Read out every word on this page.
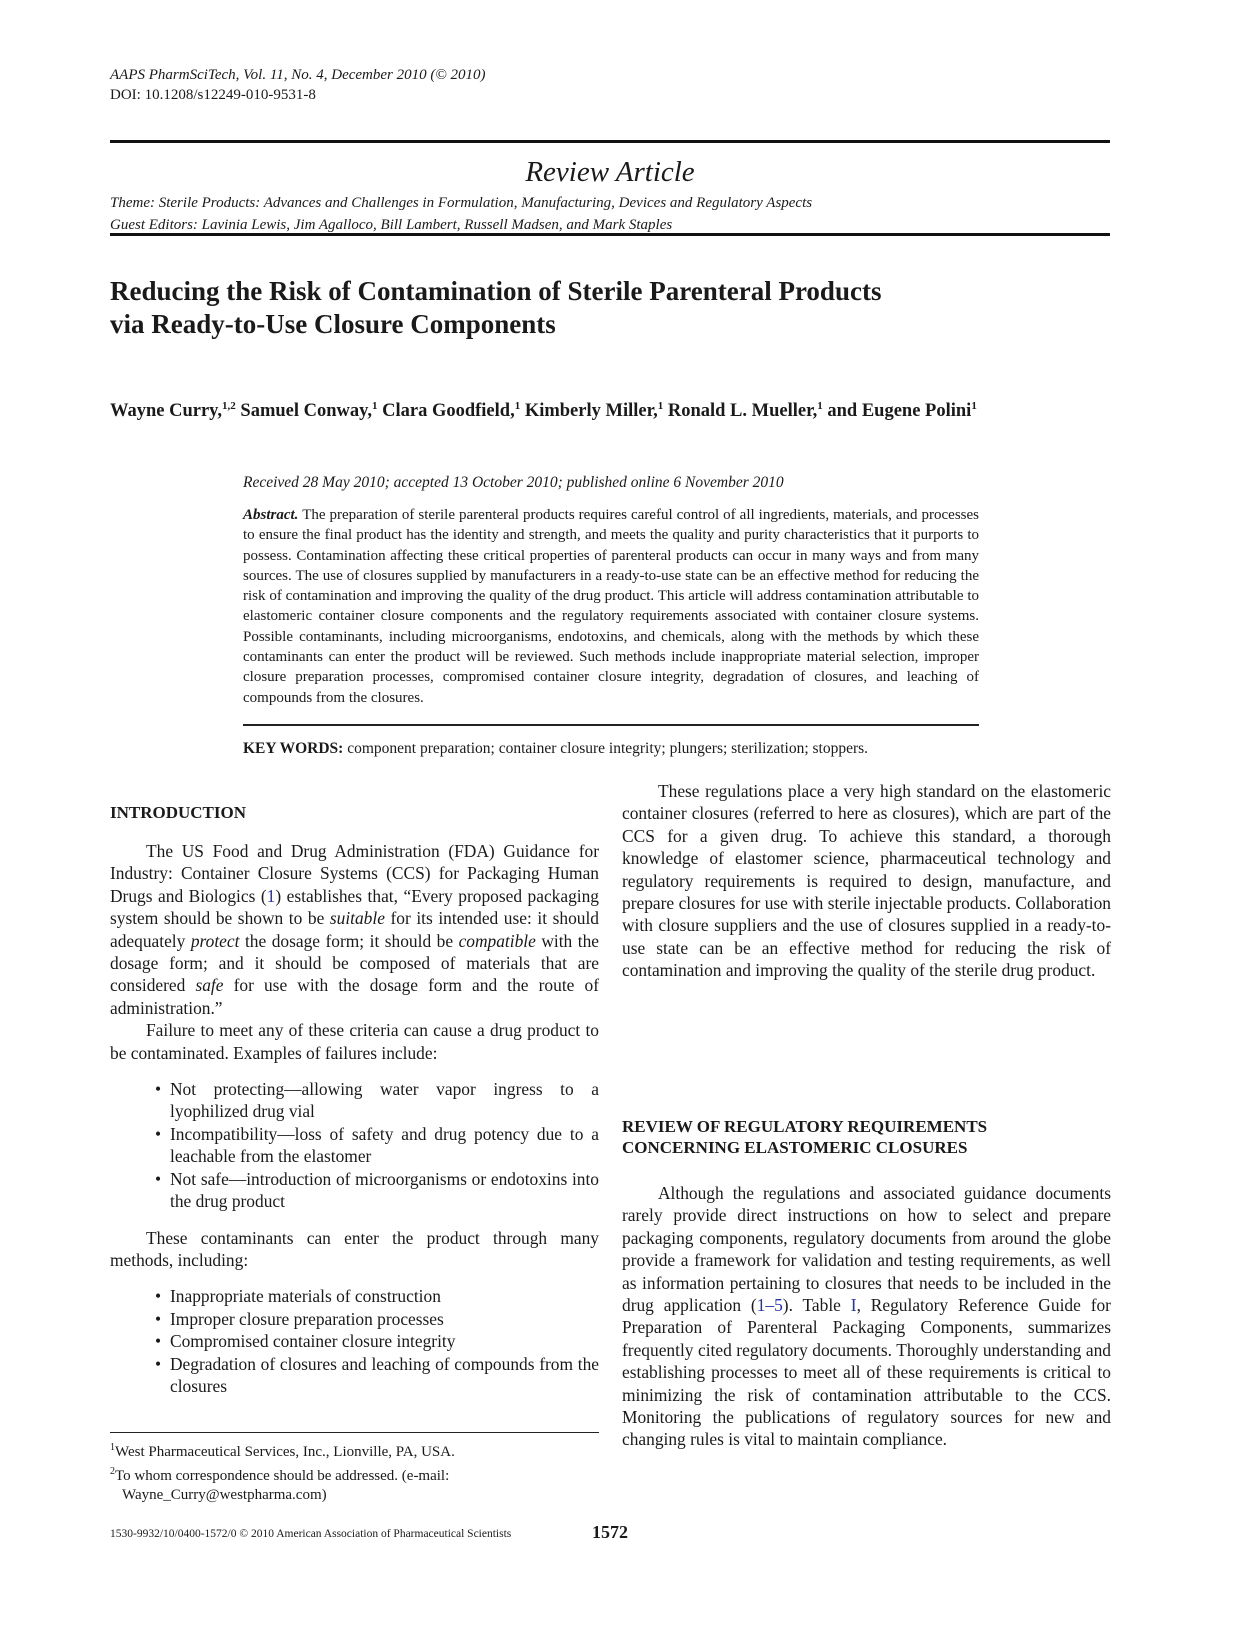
AAPS PharmSciTech, Vol. 11, No. 4, December 2010 (© 2010)
DOI: 10.1208/s12249-010-9531-8
Review Article
Theme: Sterile Products: Advances and Challenges in Formulation, Manufacturing, Devices and Regulatory Aspects
Guest Editors: Lavinia Lewis, Jim Agalloco, Bill Lambert, Russell Madsen, and Mark Staples
Reducing the Risk of Contamination of Sterile Parenteral Products
via Ready-to-Use Closure Components
Wayne Curry,$^{1,2}$ Samuel Conway,$^1$ Clara Goodfield,$^1$ Kimberly Miller,$^1$ Ronald L. Mueller,$^1$ and Eugene Polini$^1$
Received 28 May 2010; accepted 13 October 2010; published online 6 November 2010
Abstract. The preparation of sterile parenteral products requires careful control of all ingredients, materials, and processes to ensure the final product has the identity and strength, and meets the quality and purity characteristics that it purports to possess. Contamination affecting these critical properties of parenteral products can occur in many ways and from many sources. The use of closures supplied by manufacturers in a ready-to-use state can be an effective method for reducing the risk of contamination and improving the quality of the drug product. This article will address contamination attributable to elastomeric container closure components and the regulatory requirements associated with container closure systems. Possible contaminants, including microorganisms, endotoxins, and chemicals, along with the methods by which these contaminants can enter the product will be reviewed. Such methods include inappropriate material selection, improper closure preparation processes, compromised container closure integrity, degradation of closures, and leaching of compounds from the closures.
KEY WORDS: component preparation; container closure integrity; plungers; sterilization; stoppers.
INTRODUCTION

The US Food and Drug Administration (FDA) Guidance for Industry: Container Closure Systems (CCS) for Packaging Human Drugs and Biologics (1) establishes that, “Every proposed packaging system should be shown to be suitable for its intended use: it should adequately protect the dosage form; it should be compatible with the dosage form; and it should be composed of materials that are considered safe for use with the dosage form and the route of administration.”

Failure to meet any of these criteria can cause a drug product to be contaminated. Examples of failures include:

• Not protecting—allowing water vapor ingress to a lyophilized drug vial
• Incompatibility—loss of safety and drug potency due to a leachable from the elastomer
• Not safe—introduction of microorganisms or endotoxins into the drug product

These contaminants can enter the product through many methods, including:

• Inappropriate materials of construction
• Improper closure preparation processes
• Compromised container closure integrity
• Degradation of closures and leaching of compounds from the closures

These regulations place a very high standard on the elastomeric container closures (referred to here as closures), which are part of the CCS for a given drug. To achieve this standard, a thorough knowledge of elastomer science, pharmaceutical technology and regulatory requirements is required to design, manufacture, and prepare closures for use with sterile injectable products. Collaboration with closure suppliers and the use of closures supplied in a ready-to-use state can be an effective method for reducing the risk of contamination and improving the quality of the sterile drug product.

REVIEW OF REGULATORY REQUIREMENTS
CONCERNING ELASTOMERIC CLOSURES

Although the regulations and associated guidance documents rarely provide direct instructions on how to select and prepare packaging components, regulatory documents from around the globe provide a framework for validation and testing requirements, as well as information pertaining to closures that needs to be included in the drug application (1–5). Table I, Regulatory Reference Guide for Preparation of Parenteral Packaging Components, summarizes frequently cited regulatory documents. Thoroughly understanding and establishing processes to meet all of these requirements is critical to minimizing the risk of contamination attributable to the CCS. Monitoring the publications of regulatory sources for new and changing rules is vital to maintain compliance.

$^1$West Pharmaceutical Services, Inc., Lionville, PA, USA.
$^2$To whom correspondence should be addressed. (e-mail: Wayne_Curry@westpharma.com)
1530-9932/10/0400-1572/0 © 2010 American Association of Pharmaceutical Scientists	1572
